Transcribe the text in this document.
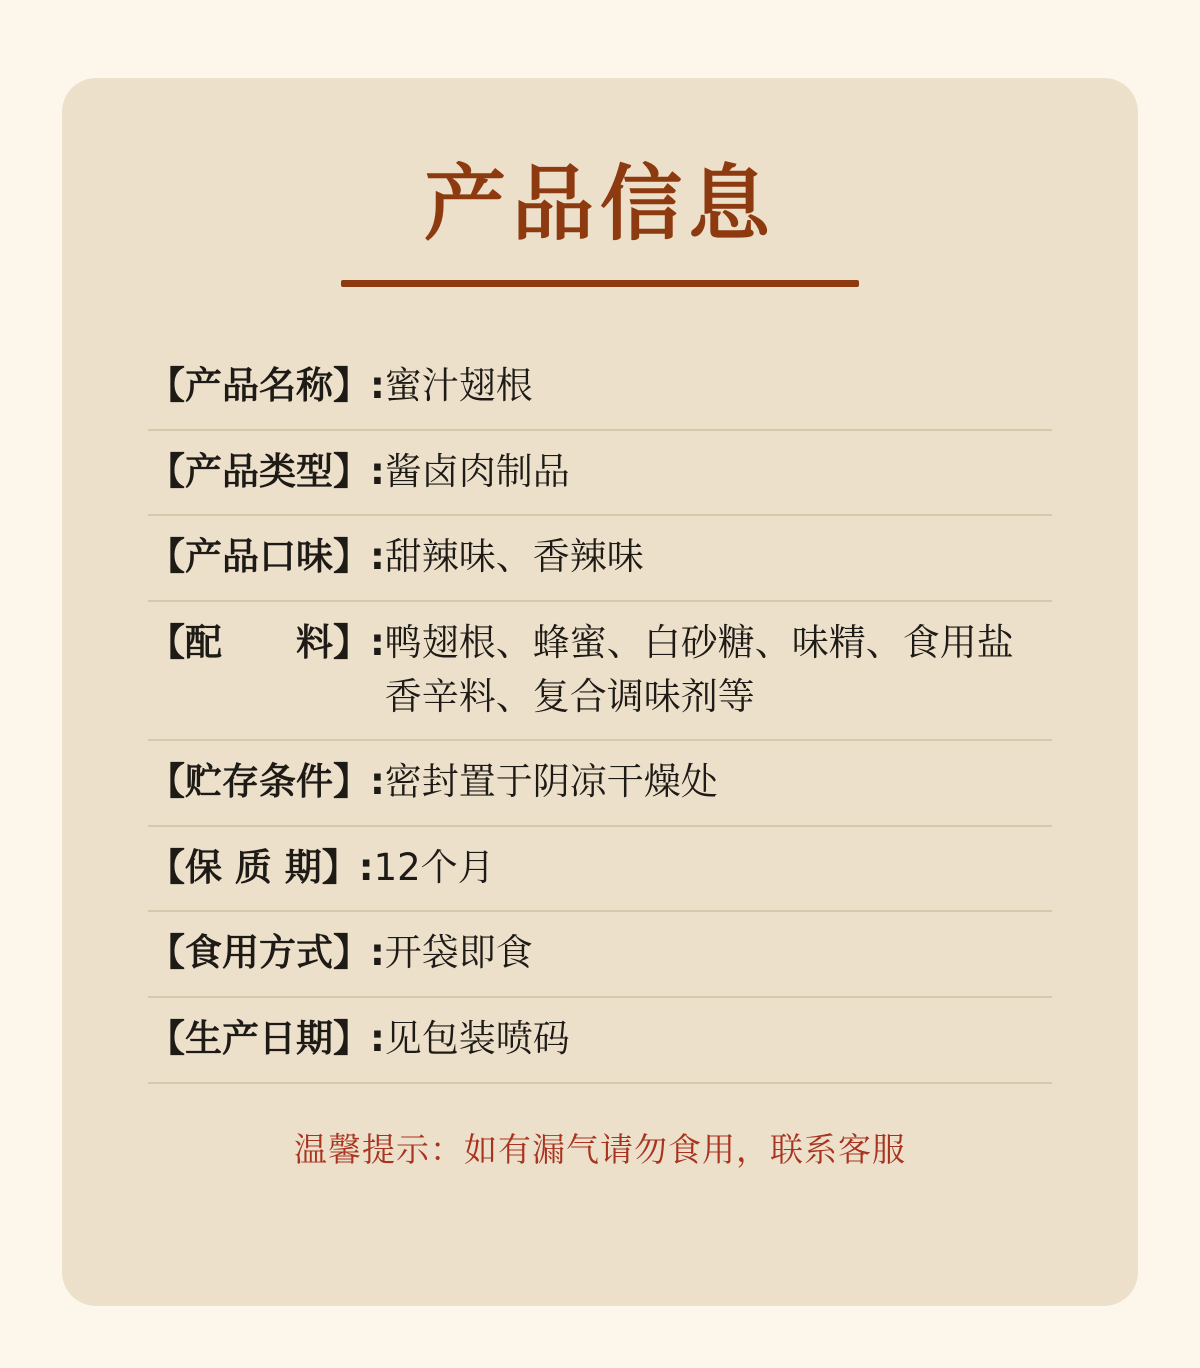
产品信息
【产品名称】: 蜜汁翅根
【产品类型】: 酱卤肉制品
【产品口味】: 甜辣味、香辣味
【配　　料】: 鸭翅根、蜂蜜、白砂糖、味精、食用盐
香辛料、复合调味剂等
【贮存条件】: 密封置于阴凉干燥处
【保 质 期】: 12个月
【食用方式】: 开袋即食
【生产日期】: 见包装喷码
温馨提示：如有漏气请勿食用，联系客服
